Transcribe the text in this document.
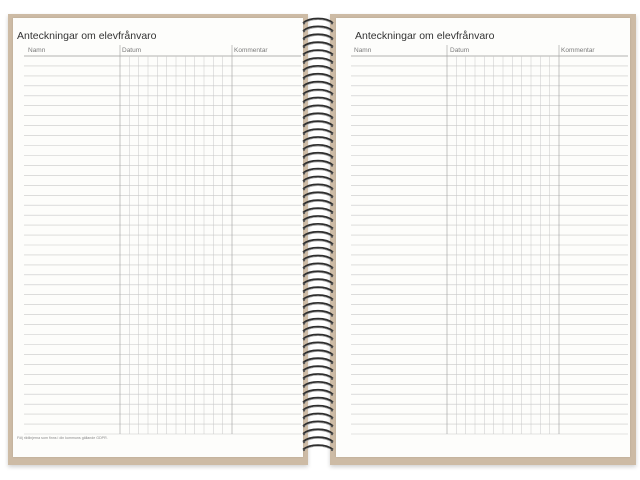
Anteckningar om elevfrånvaro
Namn	Datum	Kommentar
Följ riktlinjerna som finns i din kommuns gällande GDPR.
Anteckningar om elevfrånvaro
Namn	Datum	Kommentar
